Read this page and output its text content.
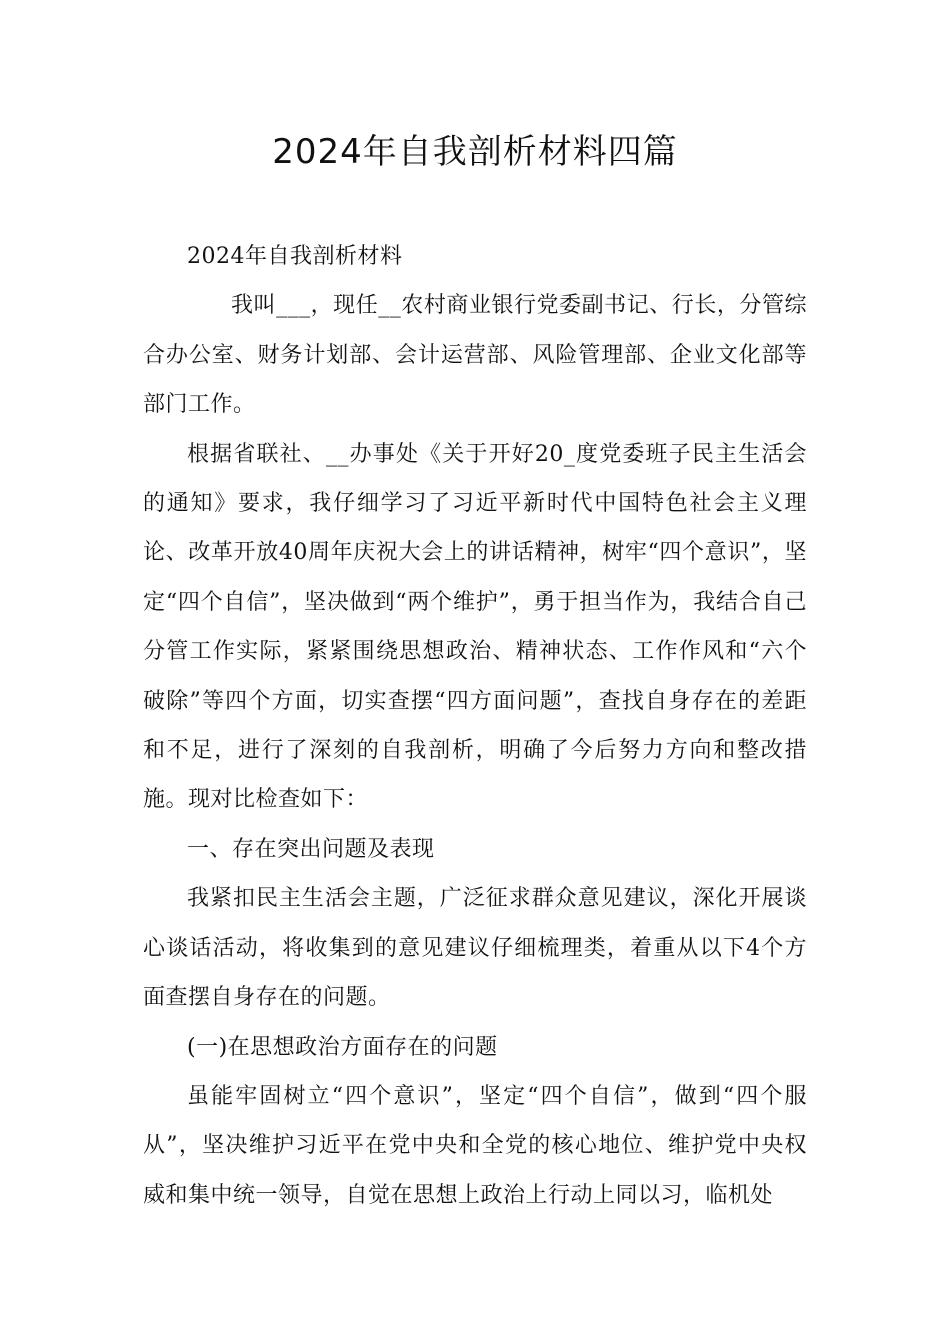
2024年自我剖析材料四篇

2024年自我剖析材料

我叫___，现任__农村商业银行党委副书记、行长，分管综合办公室、财务计划部、会计运营部、风险管理部、企业文化部等部门工作。

根据省联社、__办事处《关于开好20_度党委班子民主生活会的通知》要求，我仔细学习了习近平新时代中国特色社会主义理论、改革开放40周年庆祝大会上的讲话精神，树牢“四个意识”，坚定“四个自信”，坚决做到“两个维护”，勇于担当作为，我结合自己分管工作实际，紧紧围绕思想政治、精神状态、工作作风和“六个破除”等四个方面，切实查摆“四方面问题”，查找自身存在的差距和不足，进行了深刻的自我剖析，明确了今后努力方向和整改措施。现对比检查如下：

一、存在突出问题及表现

我紧扣民主生活会主题，广泛征求群众意见建议，深化开展谈心谈话活动，将收集到的意见建议仔细梳理类，着重从以下4个方面查摆自身存在的问题。

(一)在思想政治方面存在的问题

虽能牢固树立“四个意识”，坚定“四个自信”，做到“四个服从”，坚决维护习近平在党中央和全党的核心地位、维护党中央权威和集中统一领导，自觉在思想上政治上行动上同以习，临机处
